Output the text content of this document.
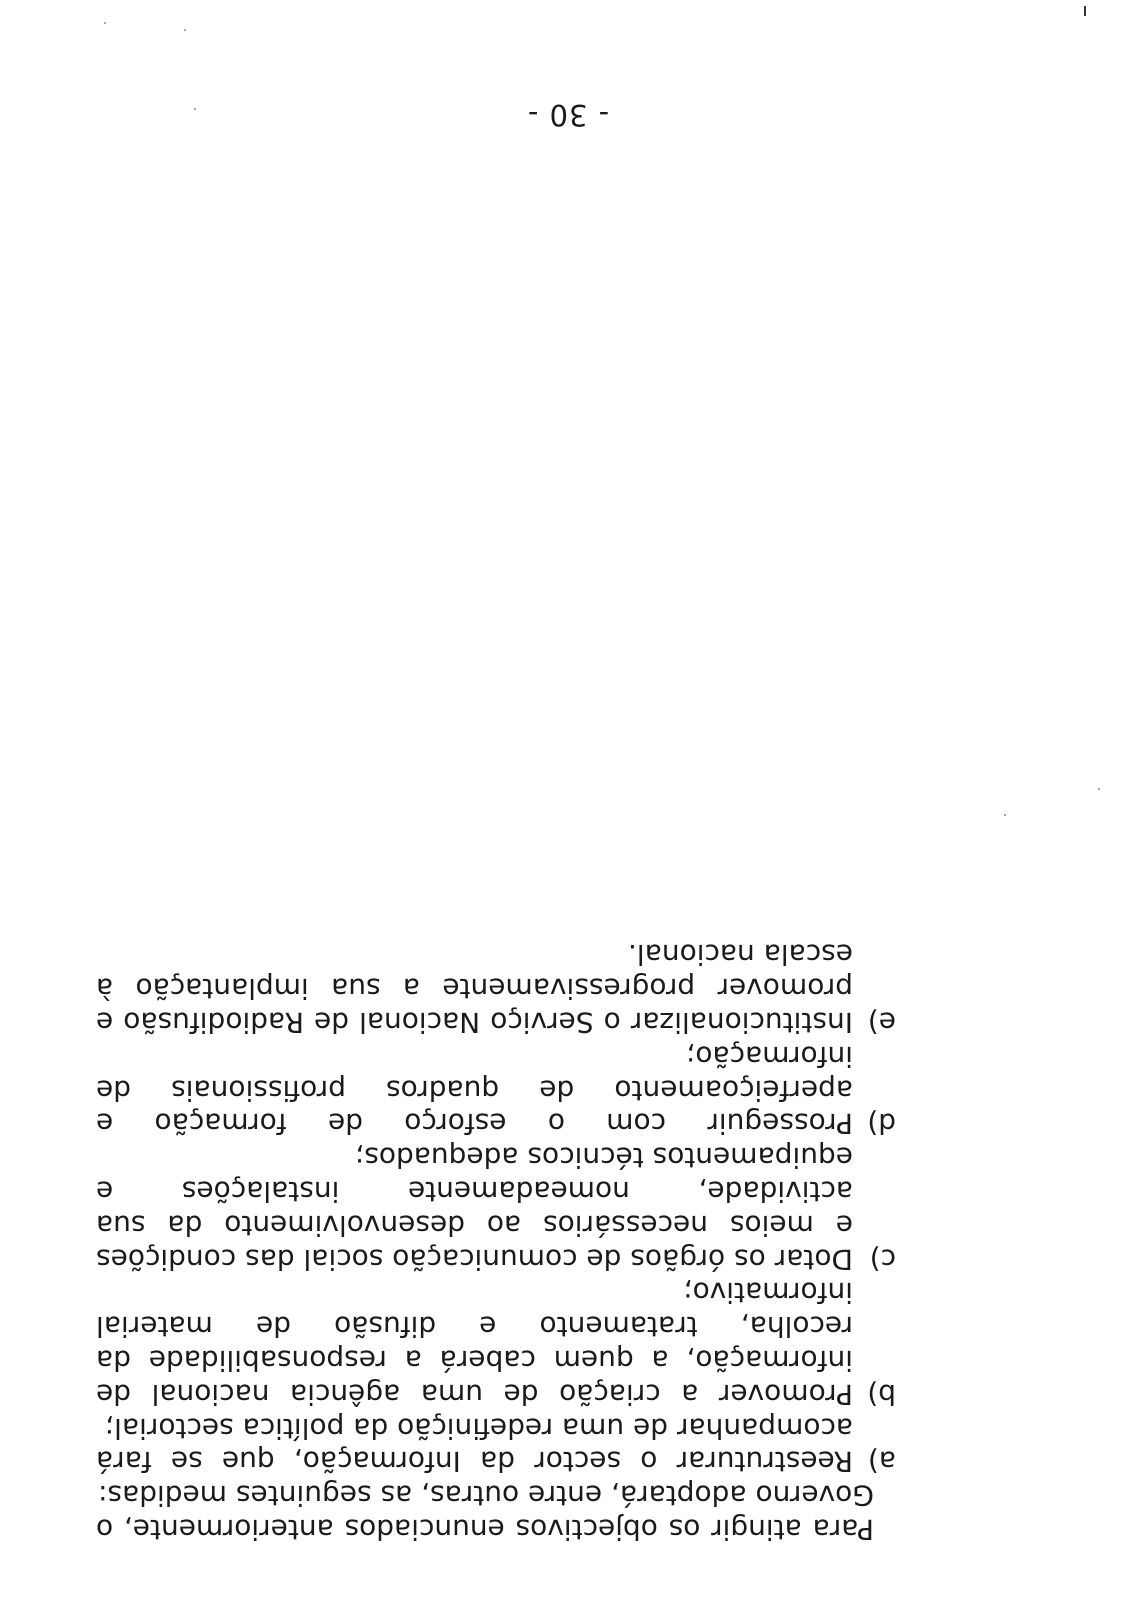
Para atingir os objectivos enunciados anteriormente, o Governo adoptará, entre outras, as seguintes medidas:

a)
Reestruturar o sector da Informação, que se fará acompanhar de uma redefinição da política sectorial;
b)
Promover a criação de uma agência nacional de informação, a quem caberá a responsabilidade da recolha, tratamento e difusão de material informativo;
c)
Dotar os órgãos de comunicação social das condições e meios necessários ao desenvolvimento da sua actividade, nomeadamente instalações e equipamentos técnicos adequados;
d)
Prosseguir com o esforço de formação e aperfeiçoamento de quadros profissionais de informação;
e)
Institucionalizar o Serviço Nacional de Radiodifusão e promover progressivamente a sua implantação à escala nacional.
- 30 -
